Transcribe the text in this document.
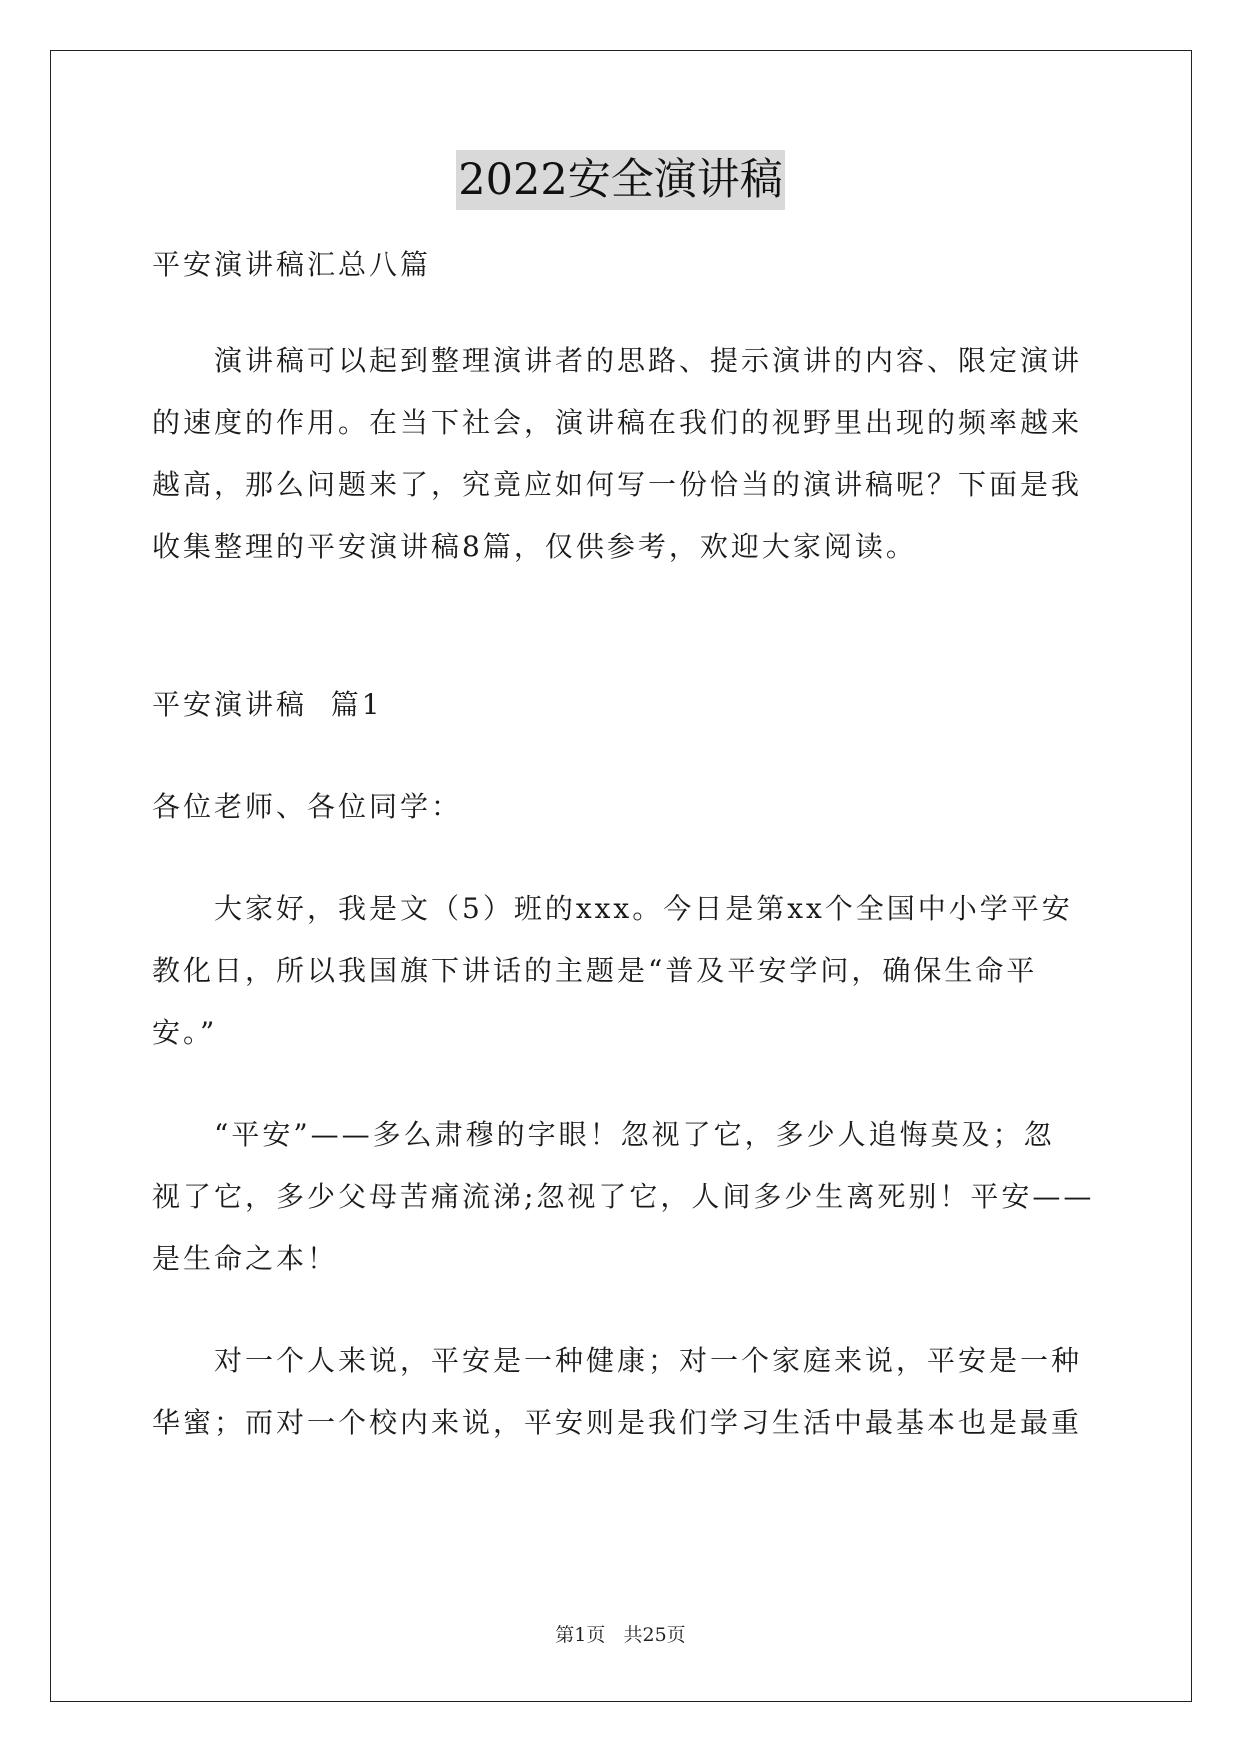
2022安全演讲稿
平安演讲稿汇总八篇
演讲稿可以起到整理演讲者的思路、提示演讲的内容、限定演讲
的速度的作用。在当下社会，演讲稿在我们的视野里出现的频率越来
越高，那么问题来了，究竟应如何写一份恰当的演讲稿呢？下面是我
收集整理的平安演讲稿8篇，仅供参考，欢迎大家阅读。
平安演讲稿  篇1
各位老师、各位同学：
大家好，我是文（5）班的xxx。今日是第xx个全国中小学平安
教化日，所以我国旗下讲话的主题是“普及平安学问，确保生命平
安。”
“平安”——多么肃穆的字眼！忽视了它，多少人追悔莫及；忽
视了它，多少父母苦痛流涕;忽视了它，人间多少生离死别！平安——
是生命之本！
对一个人来说，平安是一种健康；对一个家庭来说，平安是一种
华蜜；而对一个校内来说，平安则是我们学习生活中最基本也是最重
第1页   共25页
